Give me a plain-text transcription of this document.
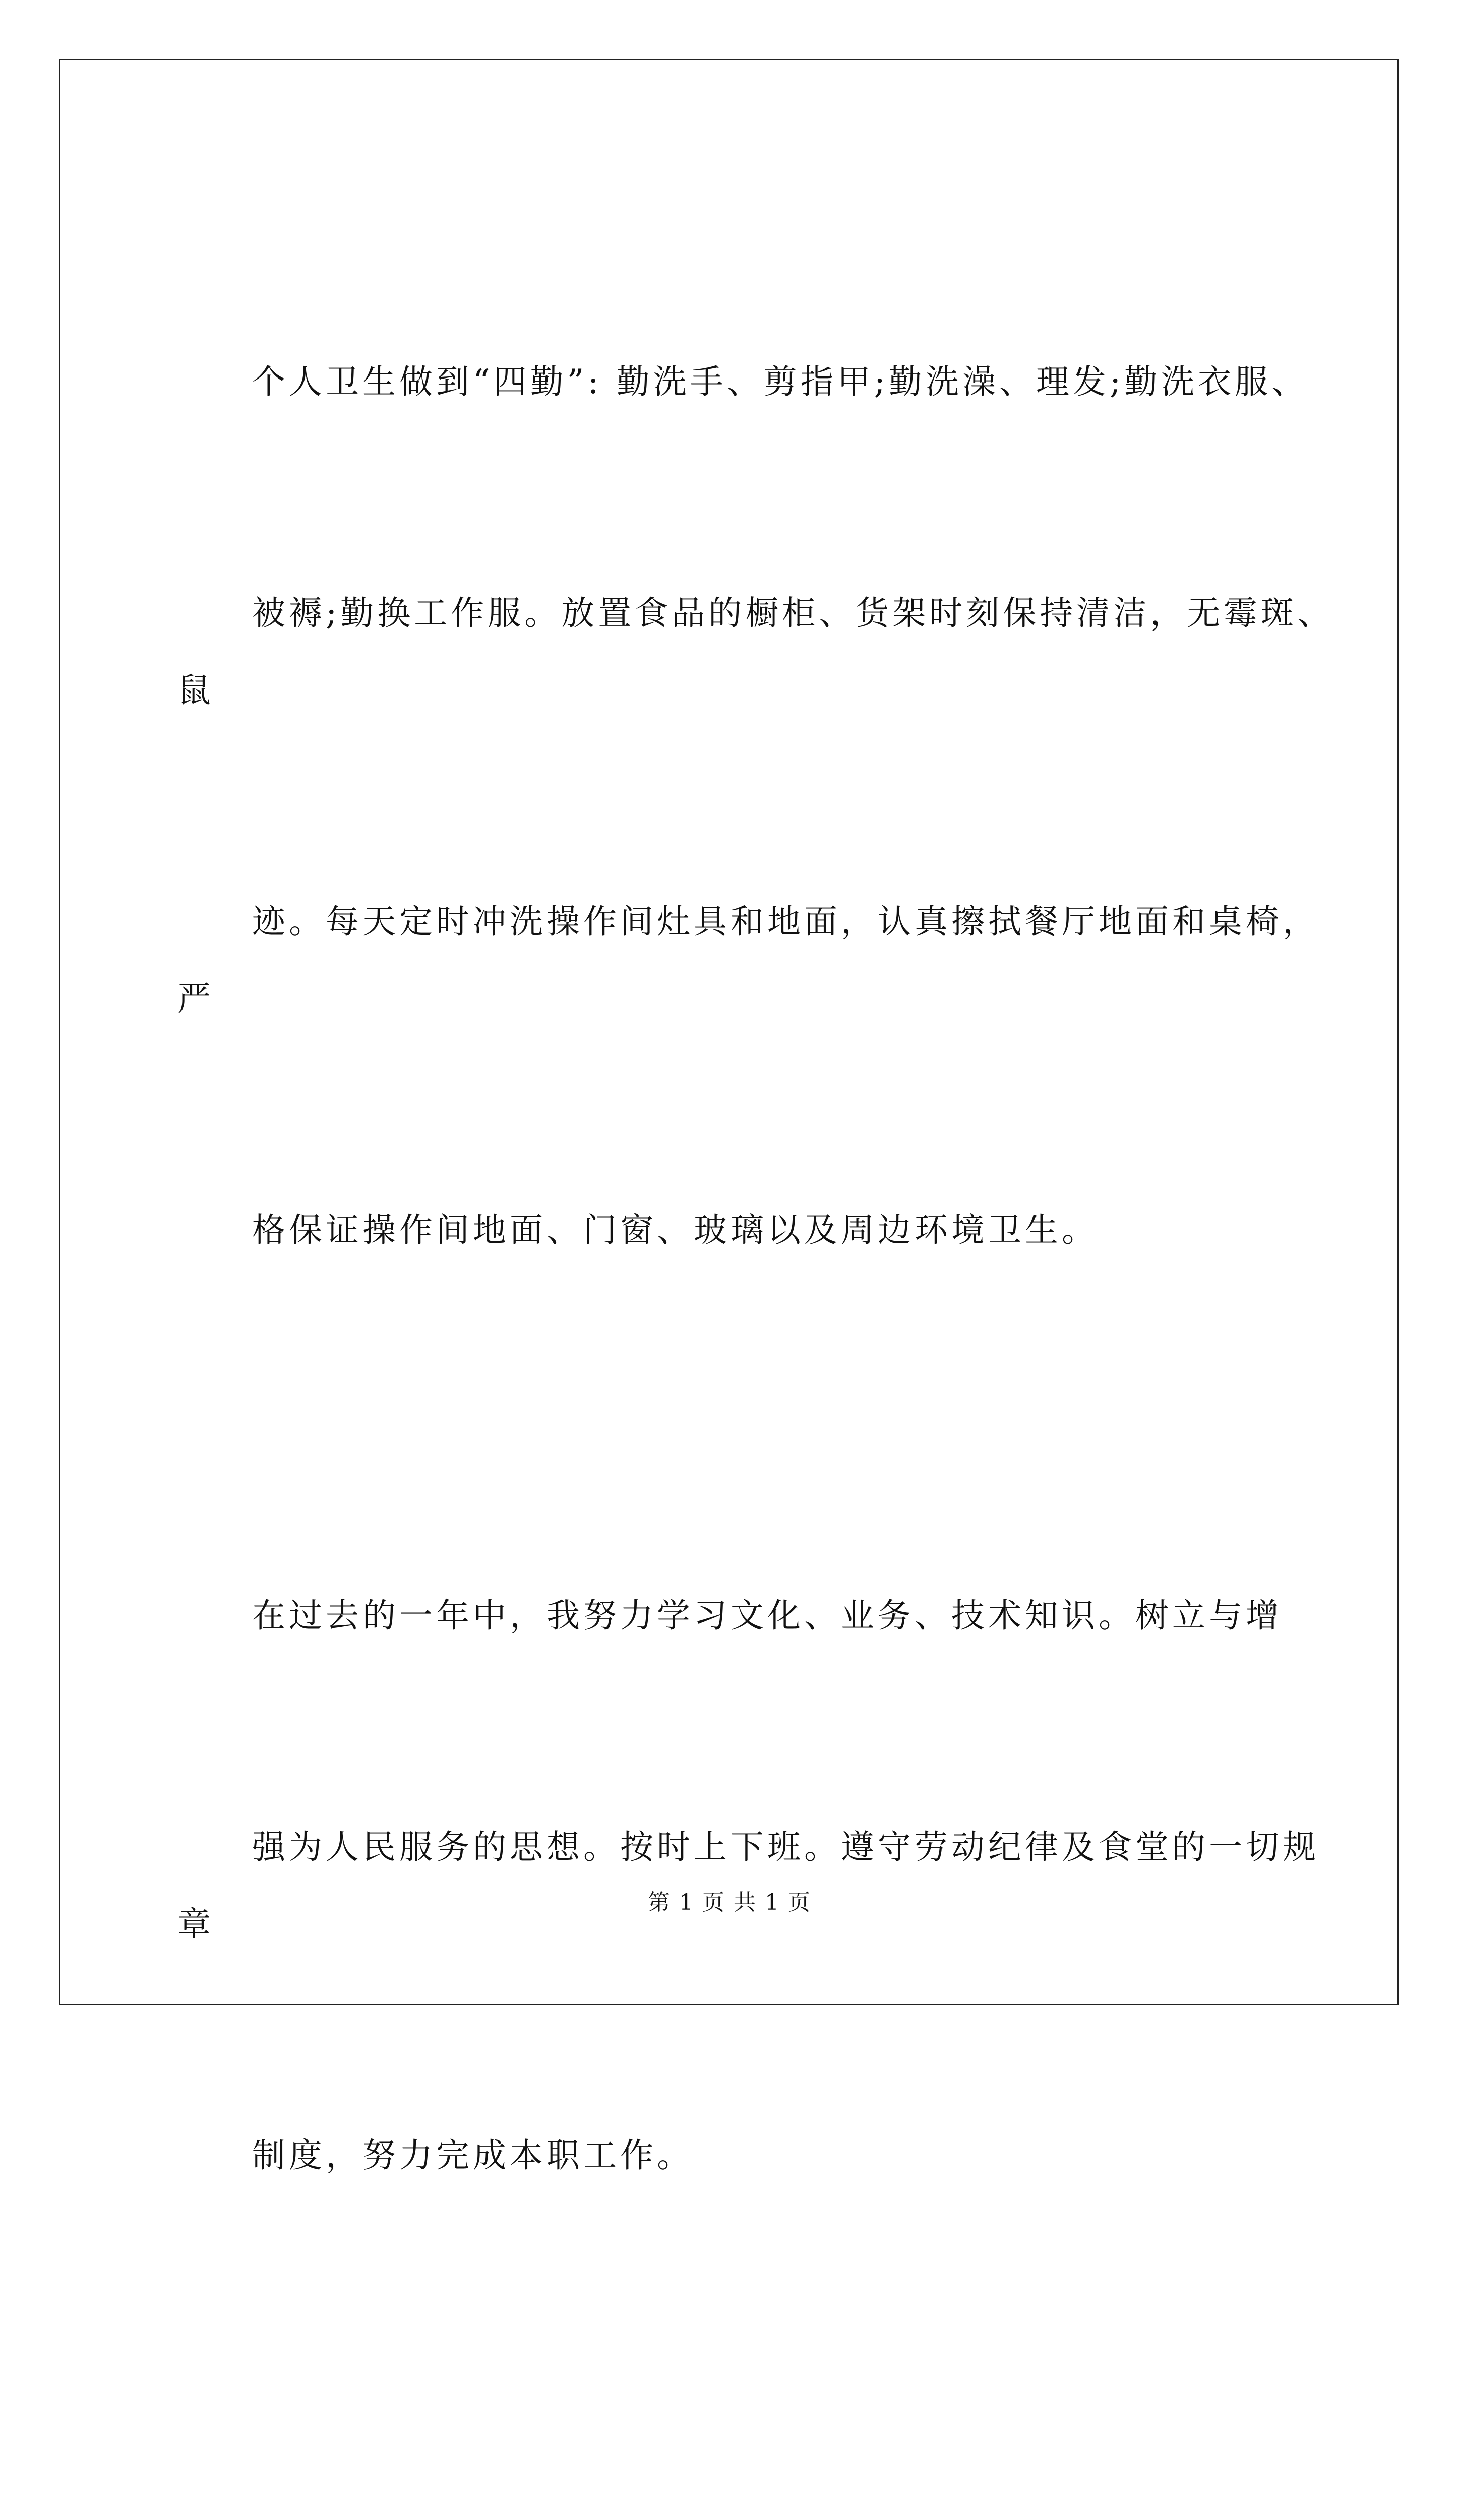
个人卫生做到“四勤”: 勤洗手、剪指甲;勤洗澡、理发;勤洗衣服、

被褥;勤换工作服。放置食品的橱柜、货架时刻保持清洁，无霉斑、鼠

迹。每天定时冲洗操作间灶具和地面，认真擦拭餐厅地面和桌椅，严

格保证操作间地面、门窗、玻璃以及周边环境卫生。

在过去的一年中，我努力学习文化、业务、技术知识。树立与增

强为人民服务的思想。按时上下班。遵守劳动纪律及食堂的一切规章

制度，努力完成本职工作。

第 1 页 共 1 页
